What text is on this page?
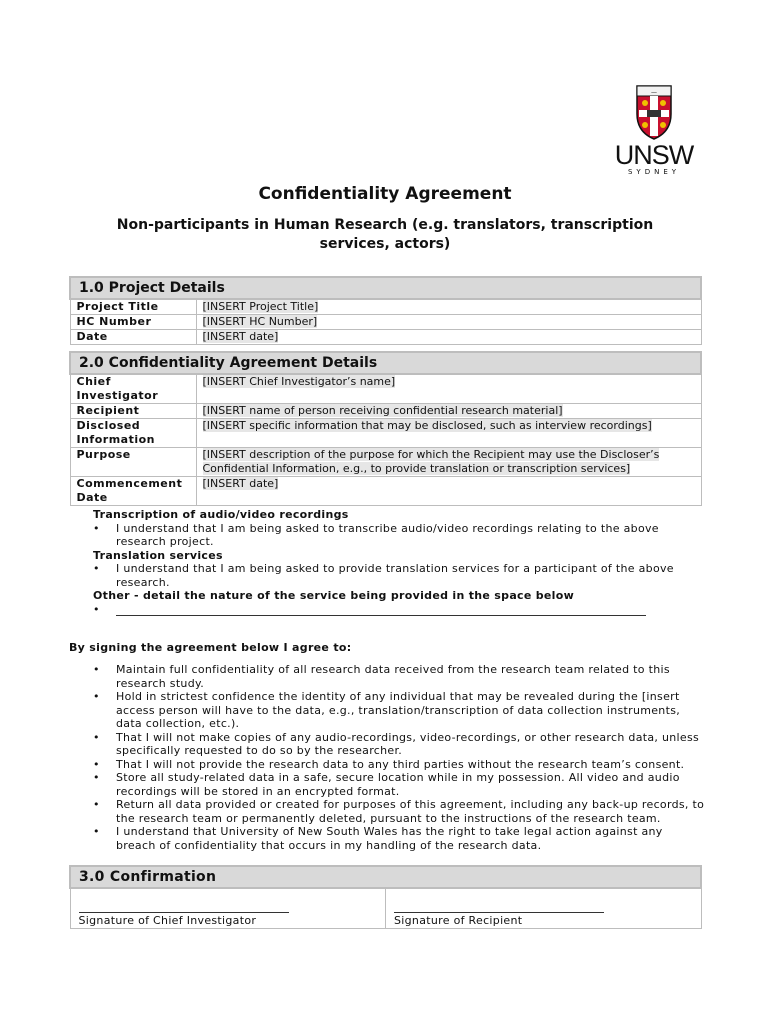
—
UNSW
SYDNEY
Confidentiality Agreement
Non-participants in Human Research (e.g. translators, transcription services, actors)
1.0 Project Details	
Project Title	[INSERT Project Title]
HC Number	[INSERT HC Number]
Date	[INSERT date]
2.0 Confidentiality Agreement Details	
Chief Investigator	[INSERT Chief Investigator’s name]
Recipient	[INSERT name of person receiving confidential research material]
Disclosed Information	[INSERT specific information that may be disclosed, such as interview recordings]
Purpose	[INSERT description of the purpose for which the Recipient may use the Discloser’s Confidential Information, e.g., to provide translation or transcription services]
Commencement Date	[INSERT date]
Transcription of audio/video recordings
• I understand that I am being asked to transcribe audio/video recordings relating to the above research project.
Translation services
• I understand that I am being asked to provide translation services for a participant of the above research.
Other - detail the nature of the service being provided in the space below
•
By signing the agreement below I agree to:
• Maintain full confidentiality of all research data received from the research team related to this research study.
• Hold in strictest confidence the identity of any individual that may be revealed during the [insert access person will have to the data, e.g., translation/transcription of data collection instruments, data collection, etc.).
• That I will not make copies of any audio-recordings, video-recordings, or other research data, unless specifically requested to do so by the researcher.
• That I will not provide the research data to any third parties without the research team’s consent.
• Store all study-related data in a safe, secure location while in my possession. All video and audio recordings will be stored in an encrypted format.
• Return all data provided or created for purposes of this agreement, including any back-up records, to the research team or permanently deleted, pursuant to the instructions of the research team.
• I understand that University of New South Wales has the right to take legal action against any breach of confidentiality that occurs in my handling of the research data.
3.0 Confirmation

Signature of Chief Investigator	Signature of Recipient
